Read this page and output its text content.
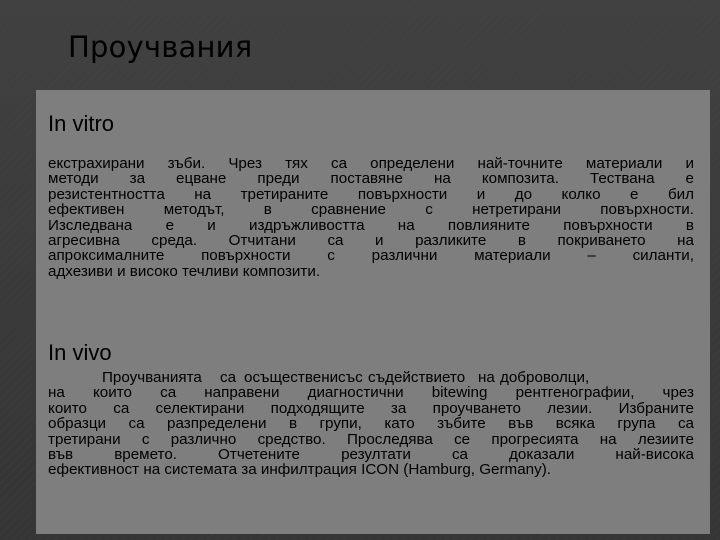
Проучвания
In vitro
екстрахирани зъби. Чрез тях са определени най-точните материали и
методи за ецване преди поставяне на композита. Тествана е
резистентността на третираните повърхности и до колко е бил
ефективен методът, в сравнение с нетретирани повърхности.
Изследвана е и издръжливостта на повлияните повърхности в
агресивна среда. Отчитани са и разликите в покриването на
апроксималните повърхности с различни материали – силанти,
адхезиви и високо течливи композити.
In vivo
Проучванията са осъществени със съдействието на доброволци,
на които са направени диагностични bitewing рентгенографии, чрез
които са селектирани подходящите за проучването лезии. Избраните
образци са разпределени в групи, като зъбите във всяка група са
третирани с различно средство. Проследява се прогресията на лезиите
във времето. Отчетените резултати са доказали най-висока
ефективност на системата за инфилтрация ICON (Hamburg, Germany).
